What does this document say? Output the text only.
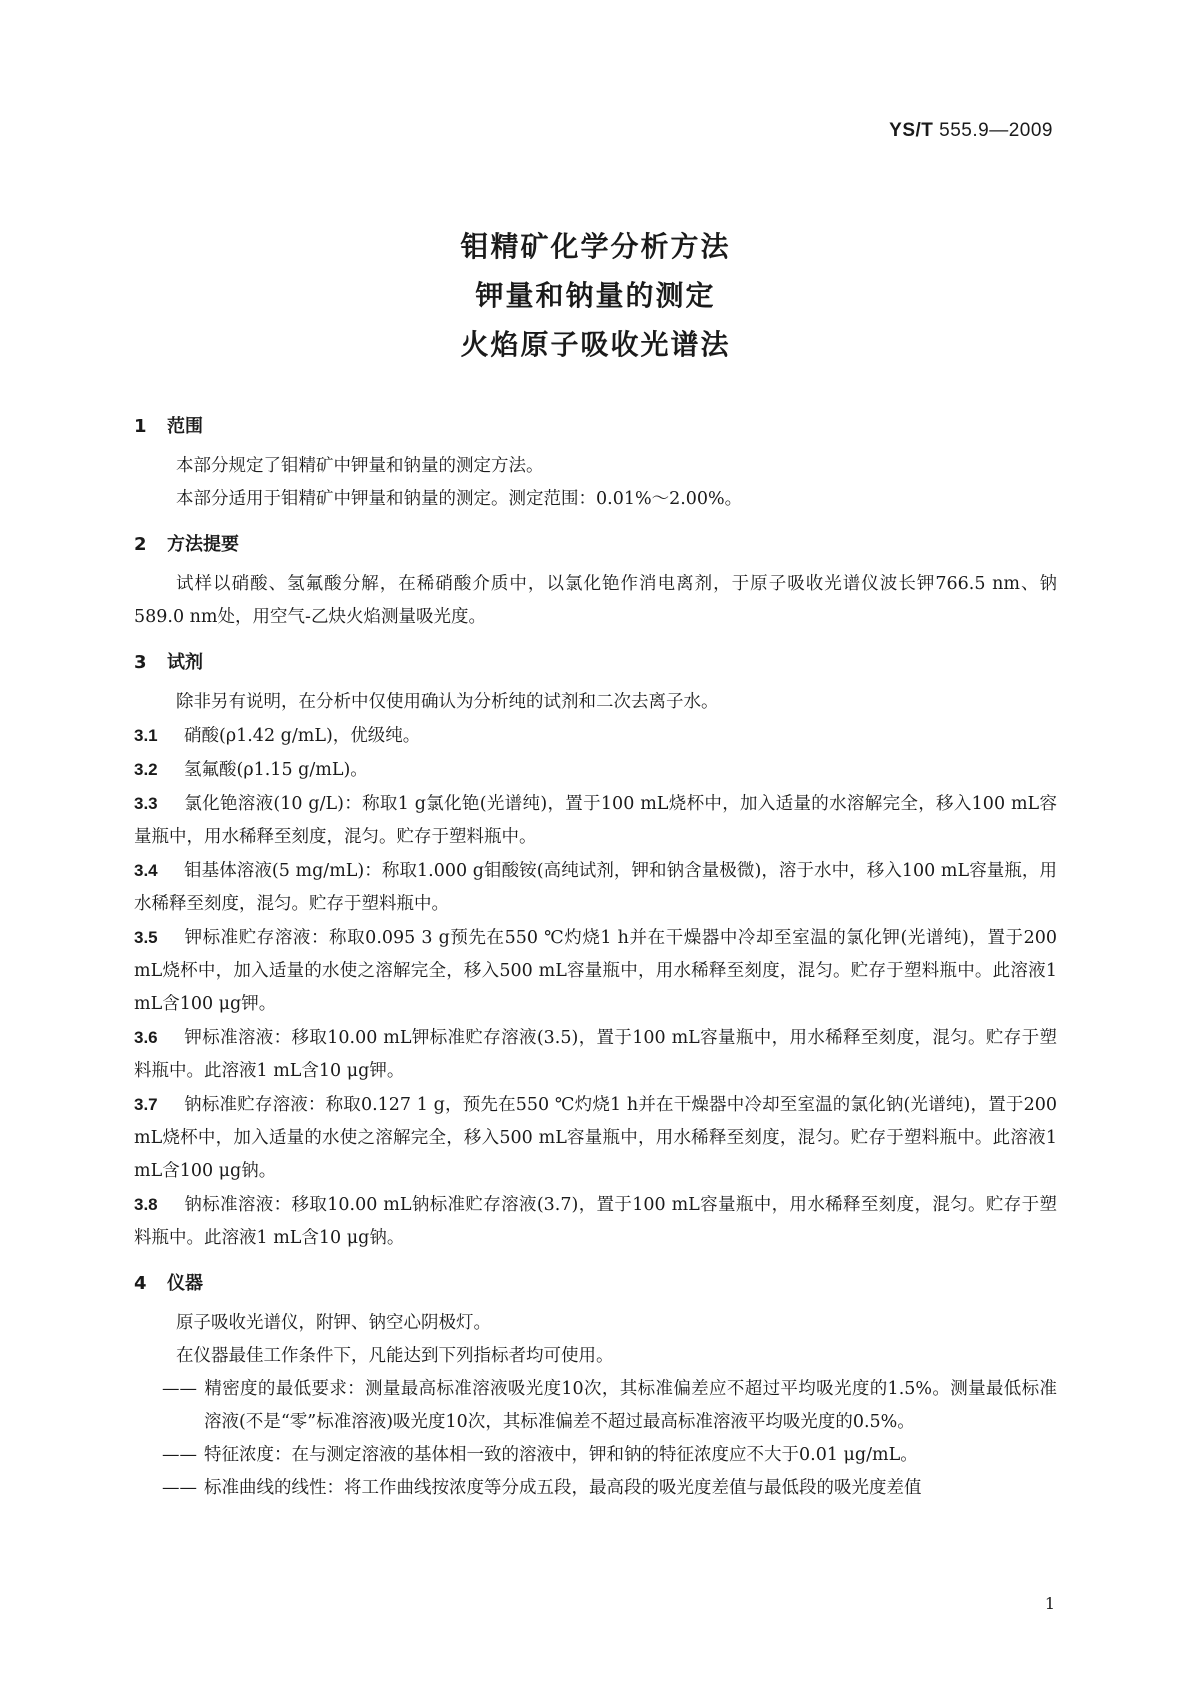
YS/T 555.9—2009
钼精矿化学分析方法
钾量和钠量的测定
火焰原子吸收光谱法
1 范围
本部分规定了钼精矿中钾量和钠量的测定方法。
本部分适用于钼精矿中钾量和钠量的测定。测定范围：0.01%～2.00%。
2 方法提要
试样以硝酸、氢氟酸分解，在稀硝酸介质中，以氯化铯作消电离剂，于原子吸收光谱仪波长钾766.5 nm、钠589.0 nm处，用空气-乙炔火焰测量吸光度。
3 试剂
除非另有说明，在分析中仅使用确认为分析纯的试剂和二次去离子水。
3.1 硝酸(ρ1.42 g/mL)，优级纯。
3.2 氢氟酸(ρ1.15 g/mL)。
3.3 氯化铯溶液(10 g/L)：称取1 g氯化铯(光谱纯)，置于100 mL烧杯中，加入适量的水溶解完全，移入100 mL容量瓶中，用水稀释至刻度，混匀。贮存于塑料瓶中。
3.4 钼基体溶液(5 mg/mL)：称取1.000 g钼酸铵(高纯试剂，钾和钠含量极微)，溶于水中，移入100 mL容量瓶，用水稀释至刻度，混匀。贮存于塑料瓶中。
3.5 钾标准贮存溶液：称取0.095 3 g预先在550 ℃灼烧1 h并在干燥器中冷却至室温的氯化钾(光谱纯)，置于200 mL烧杯中，加入适量的水使之溶解完全，移入500 mL容量瓶中，用水稀释至刻度，混匀。贮存于塑料瓶中。此溶液1 mL含100 μg钾。
3.6 钾标准溶液：移取10.00 mL钾标准贮存溶液(3.5)，置于100 mL容量瓶中，用水稀释至刻度，混匀。贮存于塑料瓶中。此溶液1 mL含10 μg钾。
3.7 钠标准贮存溶液：称取0.127 1 g，预先在550 ℃灼烧1 h并在干燥器中冷却至室温的氯化钠(光谱纯)，置于200 mL烧杯中，加入适量的水使之溶解完全，移入500 mL容量瓶中，用水稀释至刻度，混匀。贮存于塑料瓶中。此溶液1 mL含100 μg钠。
3.8 钠标准溶液：移取10.00 mL钠标准贮存溶液(3.7)，置于100 mL容量瓶中，用水稀释至刻度，混匀。贮存于塑料瓶中。此溶液1 mL含10 μg钠。
4 仪器
原子吸收光谱仪，附钾、钠空心阴极灯。
在仪器最佳工作条件下，凡能达到下列指标者均可使用。
—— 精密度的最低要求：测量最高标准溶液吸光度10次，其标准偏差应不超过平均吸光度的1.5%。测量最低标准溶液(不是“零”标准溶液)吸光度10次，其标准偏差不超过最高标准溶液平均吸光度的0.5%。
—— 特征浓度：在与测定溶液的基体相一致的溶液中，钾和钠的特征浓度应不大于0.01 μg/mL。
—— 标准曲线的线性：将工作曲线按浓度等分成五段，最高段的吸光度差值与最低段的吸光度差值
1
